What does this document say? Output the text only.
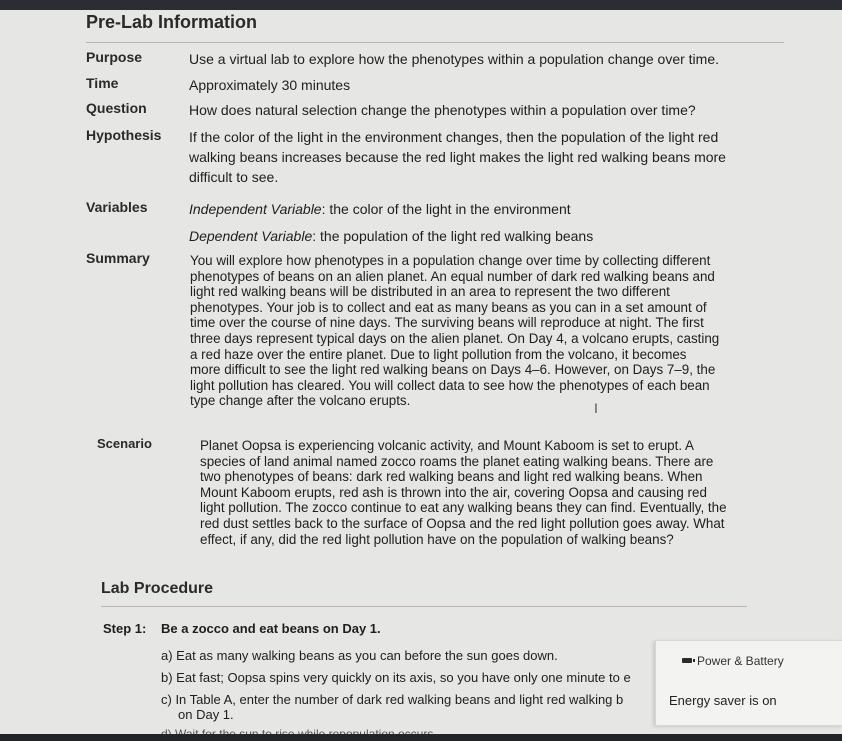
Pre-Lab Information
Purpose	Use a virtual lab to explore how the phenotypes within a population change over time.
Time	Approximately 30 minutes
Question	How does natural selection change the phenotypes within a population over time?
Hypothesis If the color of the light in the environment changes, then the population of the light red
walking beans increases because the red light makes the light red walking beans more
difficult to see.
Variables	Independent Variable: the color of the light in the environment
Dependent Variable: the population of the light red walking beans
Summary	You will explore how phenotypes in a population change over time by collecting different
phenotypes of beans on an alien planet. An equal number of dark red walking beans and
light red walking beans will be distributed in an area to represent the two different
phenotypes. Your job is to collect and eat as many beans as you can in a set amount of
time over the course of nine days. The surviving beans will reproduce at night. The first
three days represent typical days on the alien planet. On Day 4, a volcano erupts, casting
a red haze over the entire planet. Due to light pollution from the volcano, it becomes
more difficult to see the light red walking beans on Days 4–6. However, on Days 7–9, the
light pollution has cleared. You will collect data to see how the phenotypes of each bean
type change after the volcano erupts.	I
Scenario	Planet Oopsa is experiencing volcanic activity, and Mount Kaboom is set to erupt. A
species of land animal named zocco roams the planet eating walking beans. There are
two phenotypes of beans: dark red walking beans and light red walking beans. When
Mount Kaboom erupts, red ash is thrown into the air, covering Oopsa and causing red
light pollution. The zocco continue to eat any walking beans they can find. Eventually, the
red dust settles back to the surface of Oopsa and the red light pollution goes away. What
effect, if any, did the red light pollution have on the population of walking beans?
Lab Procedure
Step 1: Be a zocco and eat beans on Day 1.
a) Eat as many walking beans as you can before the sun goes down.
b) Eat fast; Oopsa spins very quickly on its axis, so you have only one minute to e
c) In Table A, enter the number of dark red walking beans and light red walking b
on Day 1.
Power & Battery
Energy saver is on
